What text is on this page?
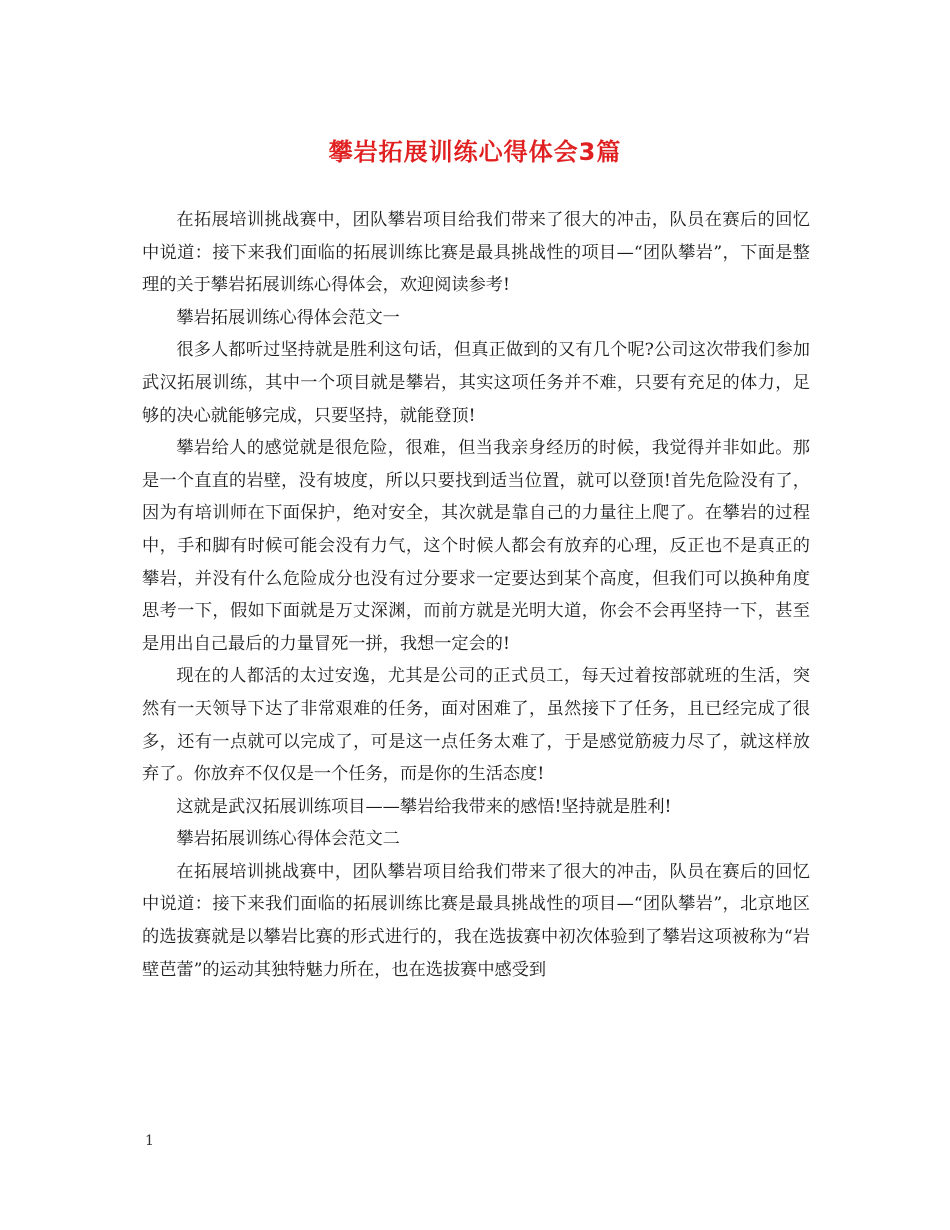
攀岩拓展训练心得体会3篇

在拓展培训挑战赛中，团队攀岩项目给我们带来了很大的冲击，队员在赛后的回忆中说道：接下来我们面临的拓展训练比赛是最具挑战性的项目—“团队攀岩”，下面是整理的关于攀岩拓展训练心得体会，欢迎阅读参考!

攀岩拓展训练心得体会范文一

很多人都听过坚持就是胜利这句话，但真正做到的又有几个呢?公司这次带我们参加武汉拓展训练，其中一个项目就是攀岩，其实这项任务并不难，只要有充足的体力，足够的决心就能够完成，只要坚持，就能登顶!

攀岩给人的感觉就是很危险，很难，但当我亲身经历的时候，我觉得并非如此。那是一个直直的岩壁，没有坡度，所以只要找到适当位置，就可以登顶!首先危险没有了，因为有培训师在下面保护，绝对安全，其次就是靠自己的力量往上爬了。在攀岩的过程中，手和脚有时候可能会没有力气，这个时候人都会有放弃的心理，反正也不是真正的攀岩，并没有什么危险成分也没有过分要求一定要达到某个高度，但我们可以换种角度思考一下，假如下面就是万丈深渊，而前方就是光明大道，你会不会再坚持一下，甚至是用出自己最后的力量冒死一拼，我想一定会的!

现在的人都活的太过安逸，尤其是公司的正式员工，每天过着按部就班的生活，突然有一天领导下达了非常艰难的任务，面对困难了，虽然接下了任务，且已经完成了很多，还有一点就可以完成了，可是这一点任务太难了，于是感觉筋疲力尽了，就这样放弃了。你放弃不仅仅是一个任务，而是你的生活态度!

这就是武汉拓展训练项目——攀岩给我带来的感悟!坚持就是胜利!

攀岩拓展训练心得体会范文二

在拓展培训挑战赛中，团队攀岩项目给我们带来了很大的冲击，队员在赛后的回忆中说道：接下来我们面临的拓展训练比赛是最具挑战性的项目—“团队攀岩”，北京地区的选拔赛就是以攀岩比赛的形式进行的，我在选拔赛中初次体验到了攀岩这项被称为“岩壁芭蕾”的运动其独特魅力所在，也在选拔赛中感受到

1
